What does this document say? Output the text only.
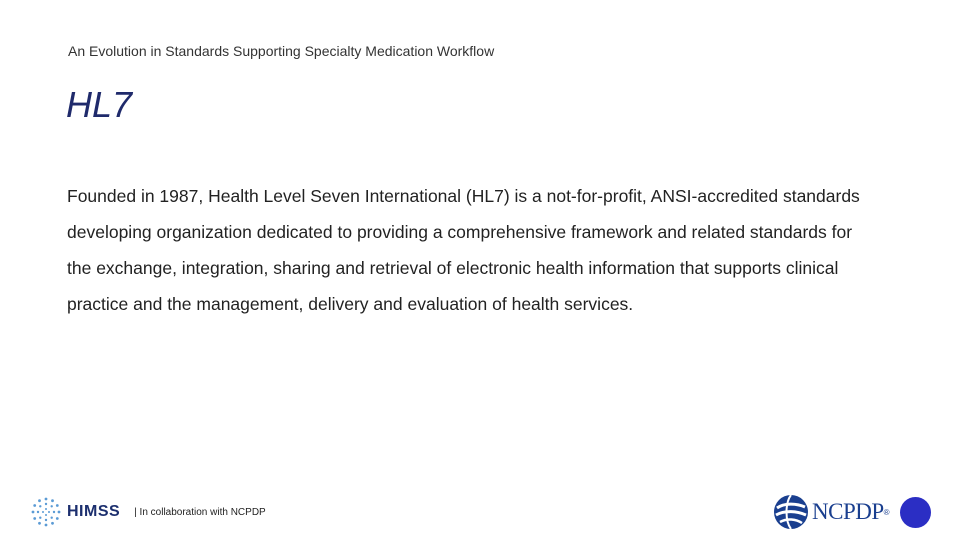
An Evolution in Standards Supporting Specialty Medication Workflow
HL7

Founded in 1987, Health Level Seven International (HL7) is a not-for-profit, ANSI-accredited standards developing organization dedicated to providing a comprehensive framework and related standards for the exchange, integration, sharing and retrieval of electronic health information that supports clinical practice and the management, delivery and evaluation of health services.

HIMSS | In collaboration with NCPDP	NCPDP ®
